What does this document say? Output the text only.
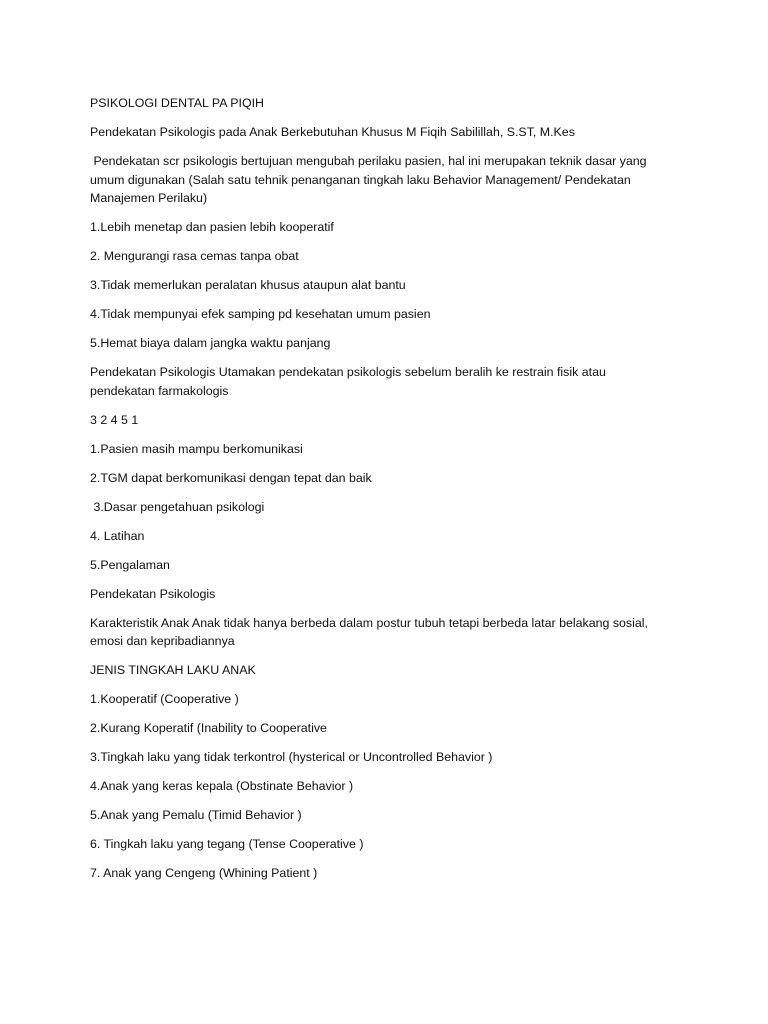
PSIKOLOGI DENTAL PA PIQIH

Pendekatan Psikologis pada Anak Berkebutuhan Khusus M Fiqih Sabilillah, S.ST, M.Kes

Pendekatan scr psikologis bertujuan mengubah perilaku pasien, hal ini merupakan teknik dasar yang umum digunakan (Salah satu tehnik penanganan tingkah laku Behavior Management/ Pendekatan Manajemen Perilaku)

1.Lebih menetap dan pasien lebih kooperatif

2. Mengurangi rasa cemas tanpa obat

3.Tidak memerlukan peralatan khusus ataupun alat bantu

4.Tidak mempunyai efek samping pd kesehatan umum pasien

5.Hemat biaya dalam jangka waktu panjang

Pendekatan Psikologis Utamakan pendekatan psikologis sebelum beralih ke restrain fisik atau pendekatan farmakologis

3 2 4 5 1

1.Pasien masih mampu berkomunikasi

2.TGM dapat berkomunikasi dengan tepat dan baik

3.Dasar pengetahuan psikologi

4. Latihan

5.Pengalaman

Pendekatan Psikologis

Karakteristik Anak Anak tidak hanya berbeda dalam postur tubuh tetapi berbeda latar belakang sosial, emosi dan kepribadiannya

JENIS TINGKAH LAKU ANAK

1.Kooperatif (Cooperative )

2.Kurang Koperatif (Inability to Cooperative

3.Tingkah laku yang tidak terkontrol (hysterical or Uncontrolled Behavior )

4.Anak yang keras kepala (Obstinate Behavior )

5.Anak yang Pemalu (Timid Behavior )

6. Tingkah laku yang tegang (Tense Cooperative )

7. Anak yang Cengeng (Whining Patient )
